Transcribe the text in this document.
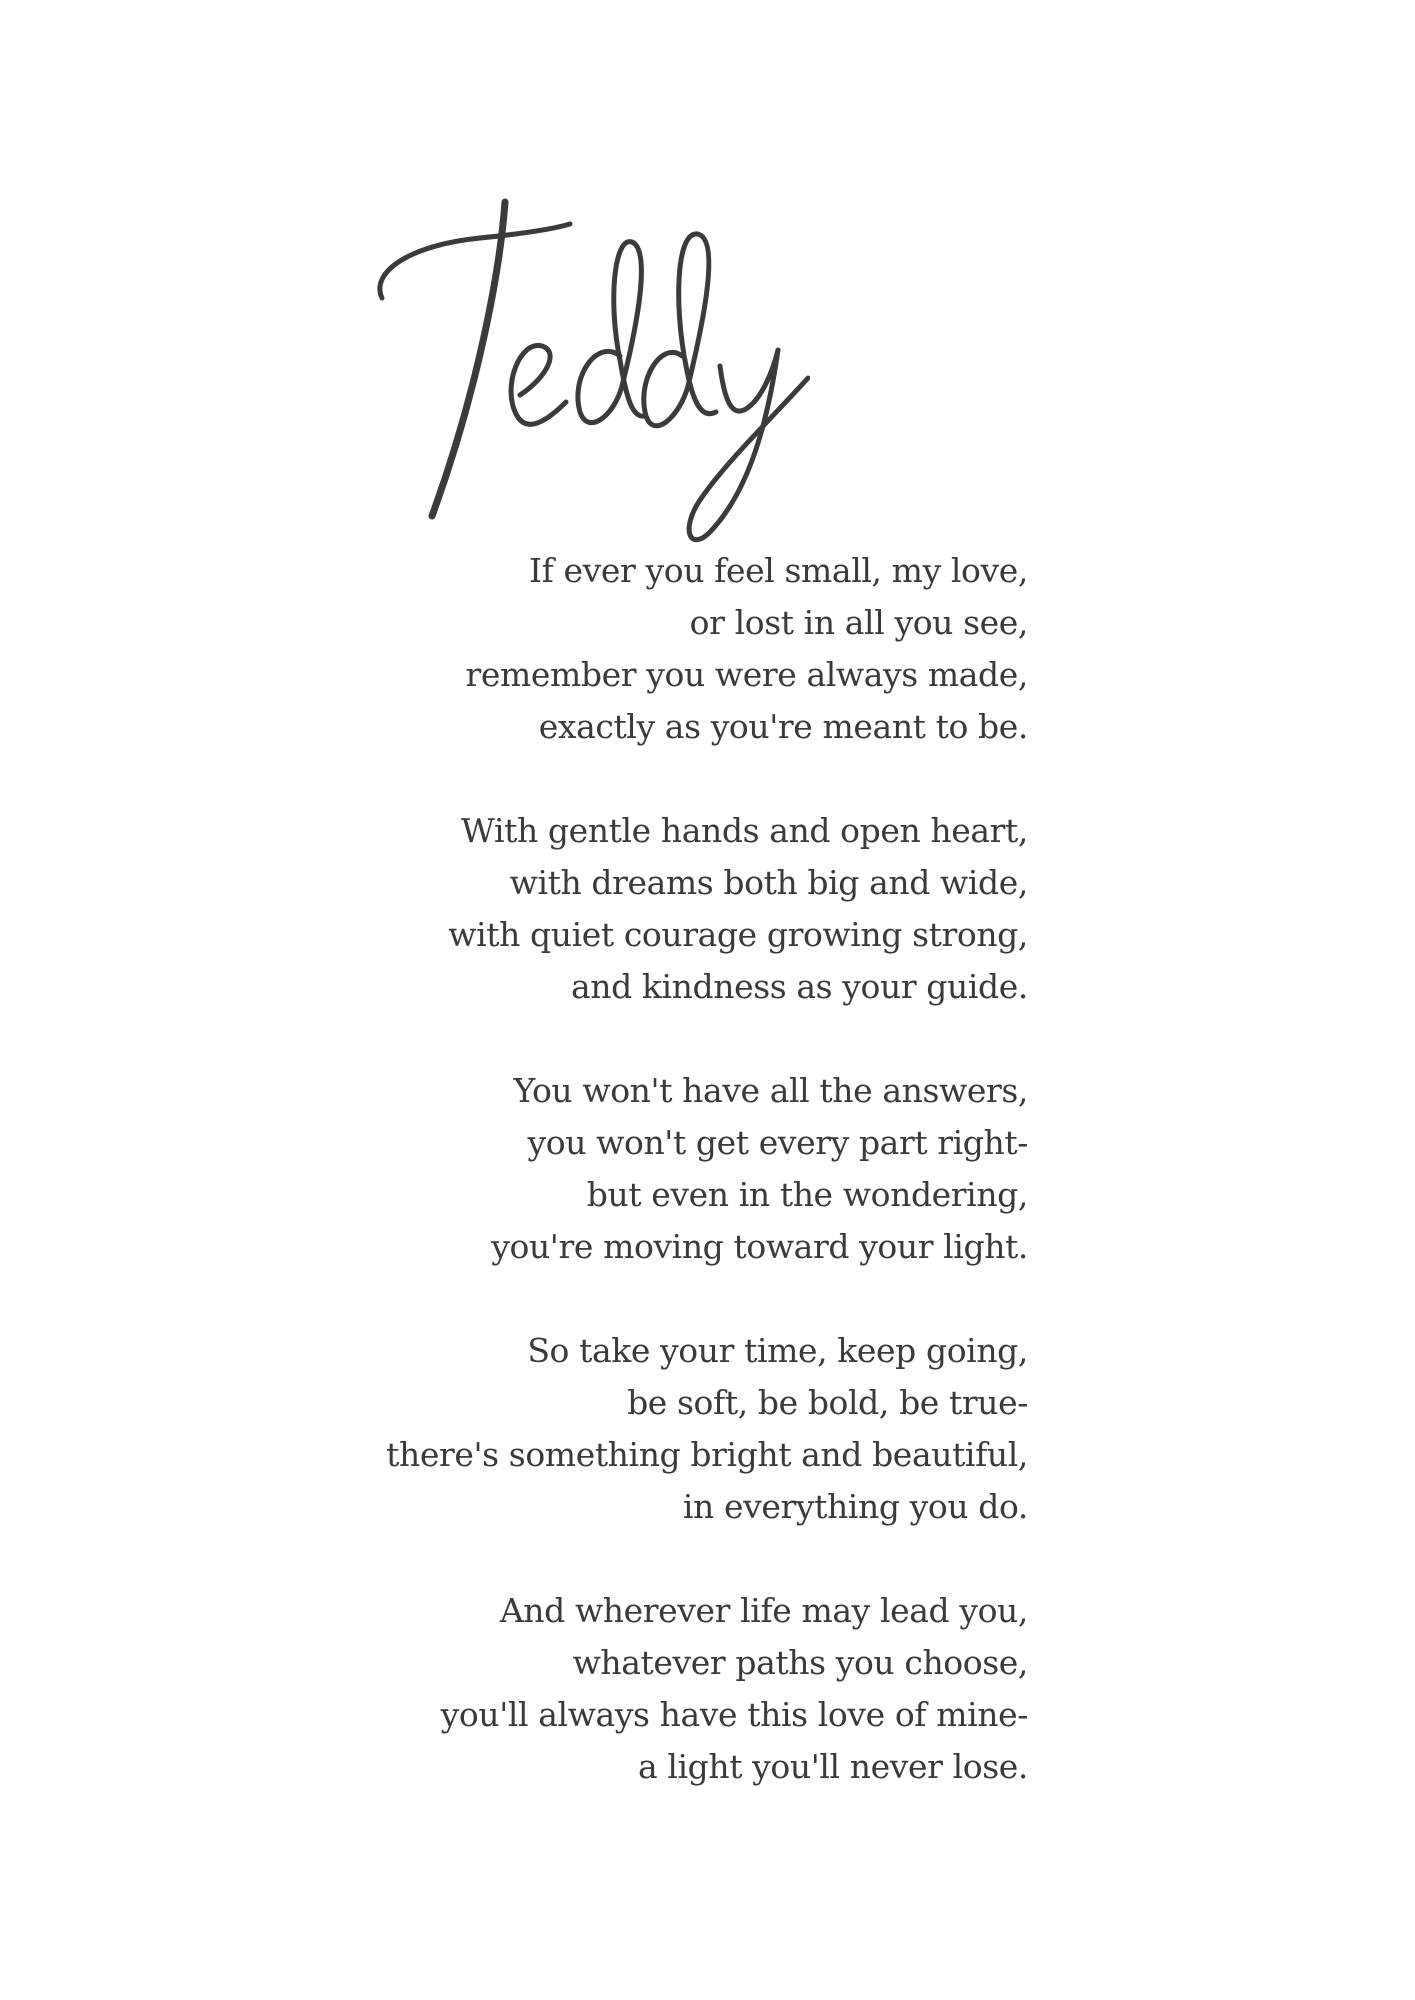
If ever you feel small, my love,
or lost in all you see,
remember you were always made,
exactly as you're meant to be.
With gentle hands and open heart,
with dreams both big and wide,
with quiet courage growing strong,
and kindness as your guide.
You won't have all the answers,
you won't get every part right-
but even in the wondering,
you're moving toward your light.
So take your time, keep going,
be soft, be bold, be true-
there's something bright and beautiful,
in everything you do.
And wherever life may lead you,
whatever paths you choose,
you'll always have this love of mine-
a light you'll never lose.
